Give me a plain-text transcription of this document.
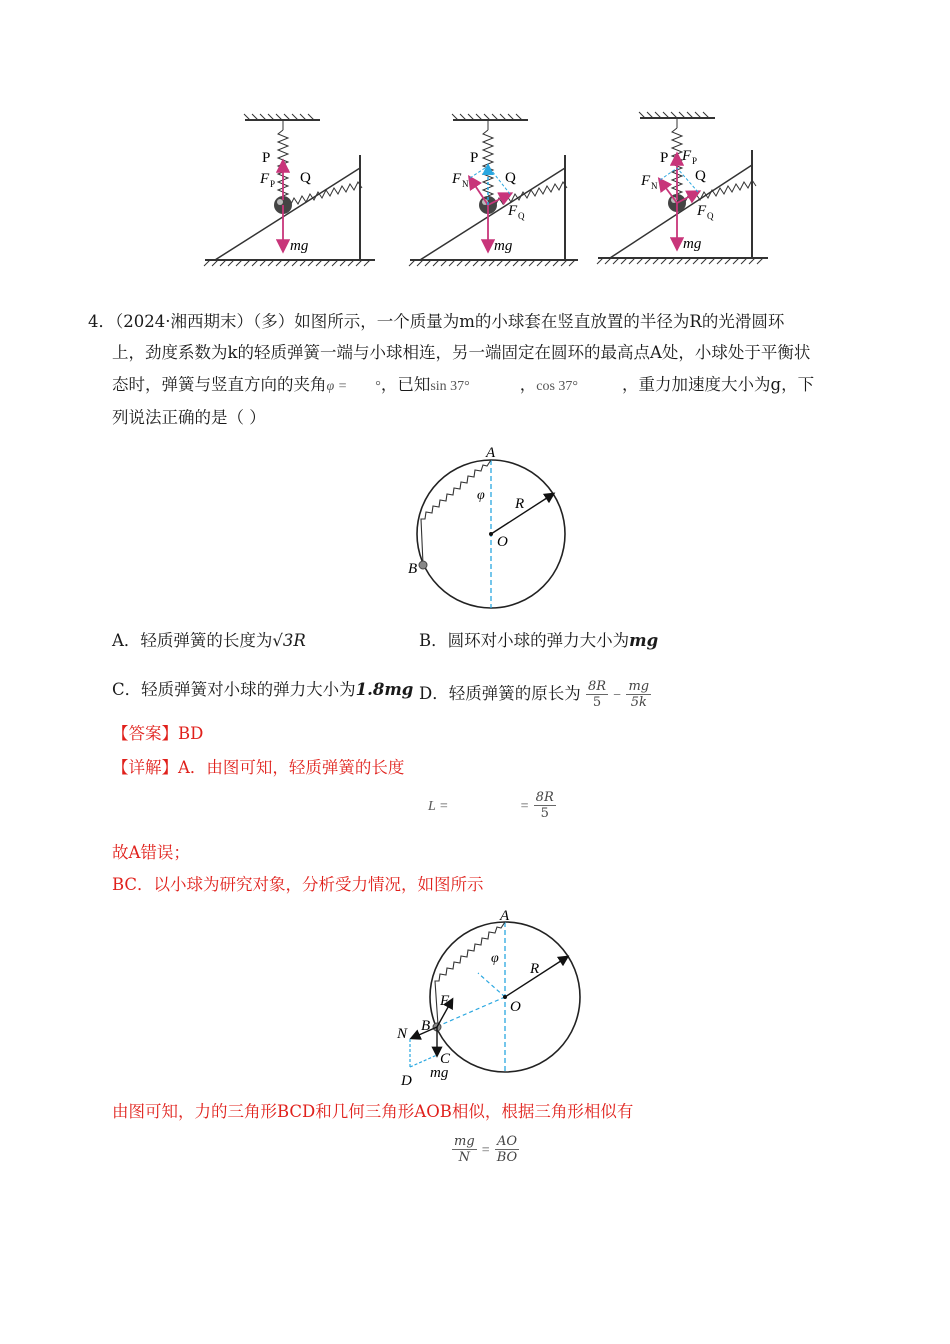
P
Q
F P
mg
P
Q
F N
F Q
mg
P F P
Q
F N
F Q
mg
4．（2024·湘西期末）（多）如图所示，一个质量为m的小球套在竖直放置的半径为R的光滑圆环
上，劲度系数为k的轻质弹簧一端与小球相连，另一端固定在圆环的最高点A处，小球处于平衡状
态时，弹簧与竖直方向的夹角φ = °，已知sin 37°	，cos 37°	，重力加速度大小为g，下
列说法正确的是（ ）
A
φ
R
O
B
A．轻质弹簧的长度为√3R	B．圆环对小球的弹力大小为mg
C．轻质弹簧对小球的弹力大小为1.8mg D．轻质弹簧的原长为 $\frac{8R}{5} - \frac{mg}{5k}$
【答案】BD
【详解】A．由图可知，轻质弹簧的长度
L =	= $\frac{8R}{5}$
故A错误；
BC．以小球为研究对象，分析受力情况，如图所示
A
φ
R
O
F
B
N
C
mg
D
由图可知，力的三角形BCD和几何三角形AOB相似，根据三角形相似有
$\frac{mg}{N} = \frac{AO}{BO}$
